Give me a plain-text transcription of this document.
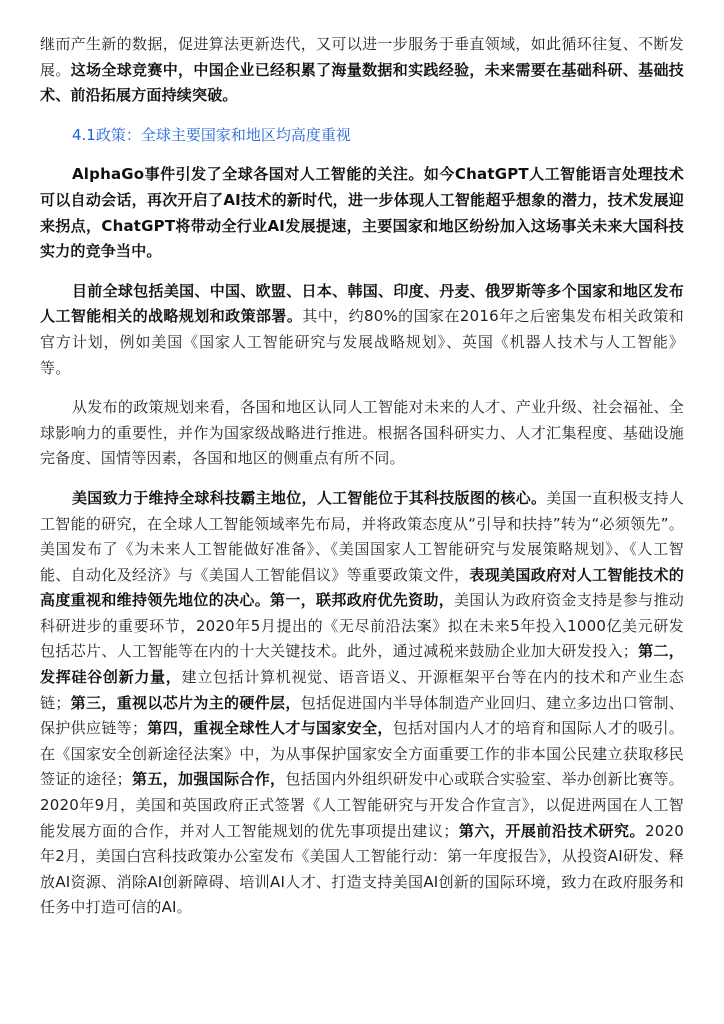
继而产生新的数据，促进算法更新迭代，又可以进一步服务于垂直领域，如此循环往复、不断发展。这场全球竞赛中，中国企业已经积累了海量数据和实践经验，未来需要在基础科研、基础技术、前沿拓展方面持续突破。

4.1政策：全球主要国家和地区均高度重视

AlphaGo事件引发了全球各国对人工智能的关注。如今ChatGPT人工智能语言处理技术可以自动会话，再次开启了AI技术的新时代，进一步体现人工智能超乎想象的潜力，技术发展迎来拐点，ChatGPT将带动全行业AI发展提速，主要国家和地区纷纷加入这场事关未来大国科技实力的竞争当中。

目前全球包括美国、中国、欧盟、日本、韩国、印度、丹麦、俄罗斯等多个国家和地区发布人工智能相关的战略规划和政策部署。其中，约80%的国家在2016年之后密集发布相关政策和官方计划，例如美国《国家人工智能研究与发展战略规划》、英国《机器人技术与人工智能》等。

从发布的政策规划来看，各国和地区认同人工智能对未来的人才、产业升级、社会福祉、全球影响力的重要性，并作为国家级战略进行推进。根据各国科研实力、人才汇集程度、基础设施完备度、国情等因素，各国和地区的侧重点有所不同。

美国致力于维持全球科技霸主地位，人工智能位于其科技版图的核心。美国一直积极支持人工智能的研究，在全球人工智能领域率先布局，并将政策态度从“引导和扶持”转为“必须领先”。美国发布了《为未来人工智能做好准备》、《美国国家人工智能研究与发展策略规划》、《人工智能、自动化及经济》与《美国人工智能倡议》等重要政策文件，表现美国政府对人工智能技术的高度重视和维持领先地位的决心。第一，联邦政府优先资助，美国认为政府资金支持是参与推动科研进步的重要环节，2020年5月提出的《无尽前沿法案》拟在未来5年投入1000亿美元研发包括芯片、人工智能等在内的十大关键技术。此外，通过减税来鼓励企业加大研发投入；第二，发挥硅谷创新力量，建立包括计算机视觉、语音语义、开源框架平台等在内的技术和产业生态链；第三，重视以芯片为主的硬件层，包括促进国内半导体制造产业回归、建立多边出口管制、保护供应链等；第四，重视全球性人才与国家安全，包括对国内人才的培育和国际人才的吸引。在《国家安全创新途径法案》中，为从事保护国家安全方面重要工作的非本国公民建立获取移民签证的途径；第五，加强国际合作，包括国内外组织研发中心或联合实验室、举办创新比赛等。2020年9月，美国和英国政府正式签署《人工智能研究与开发合作宣言》，以促进两国在人工智能发展方面的合作，并对人工智能规划的优先事项提出建议；第六，开展前沿技术研究。2020年2月，美国白宫科技政策办公室发布《美国人工智能行动：第一年度报告》，从投资AI研发、释放AI资源、消除AI创新障碍、培训AI人才、打造支持美国AI创新的国际环境，致力在政府服务和任务中打造可信的AI。
